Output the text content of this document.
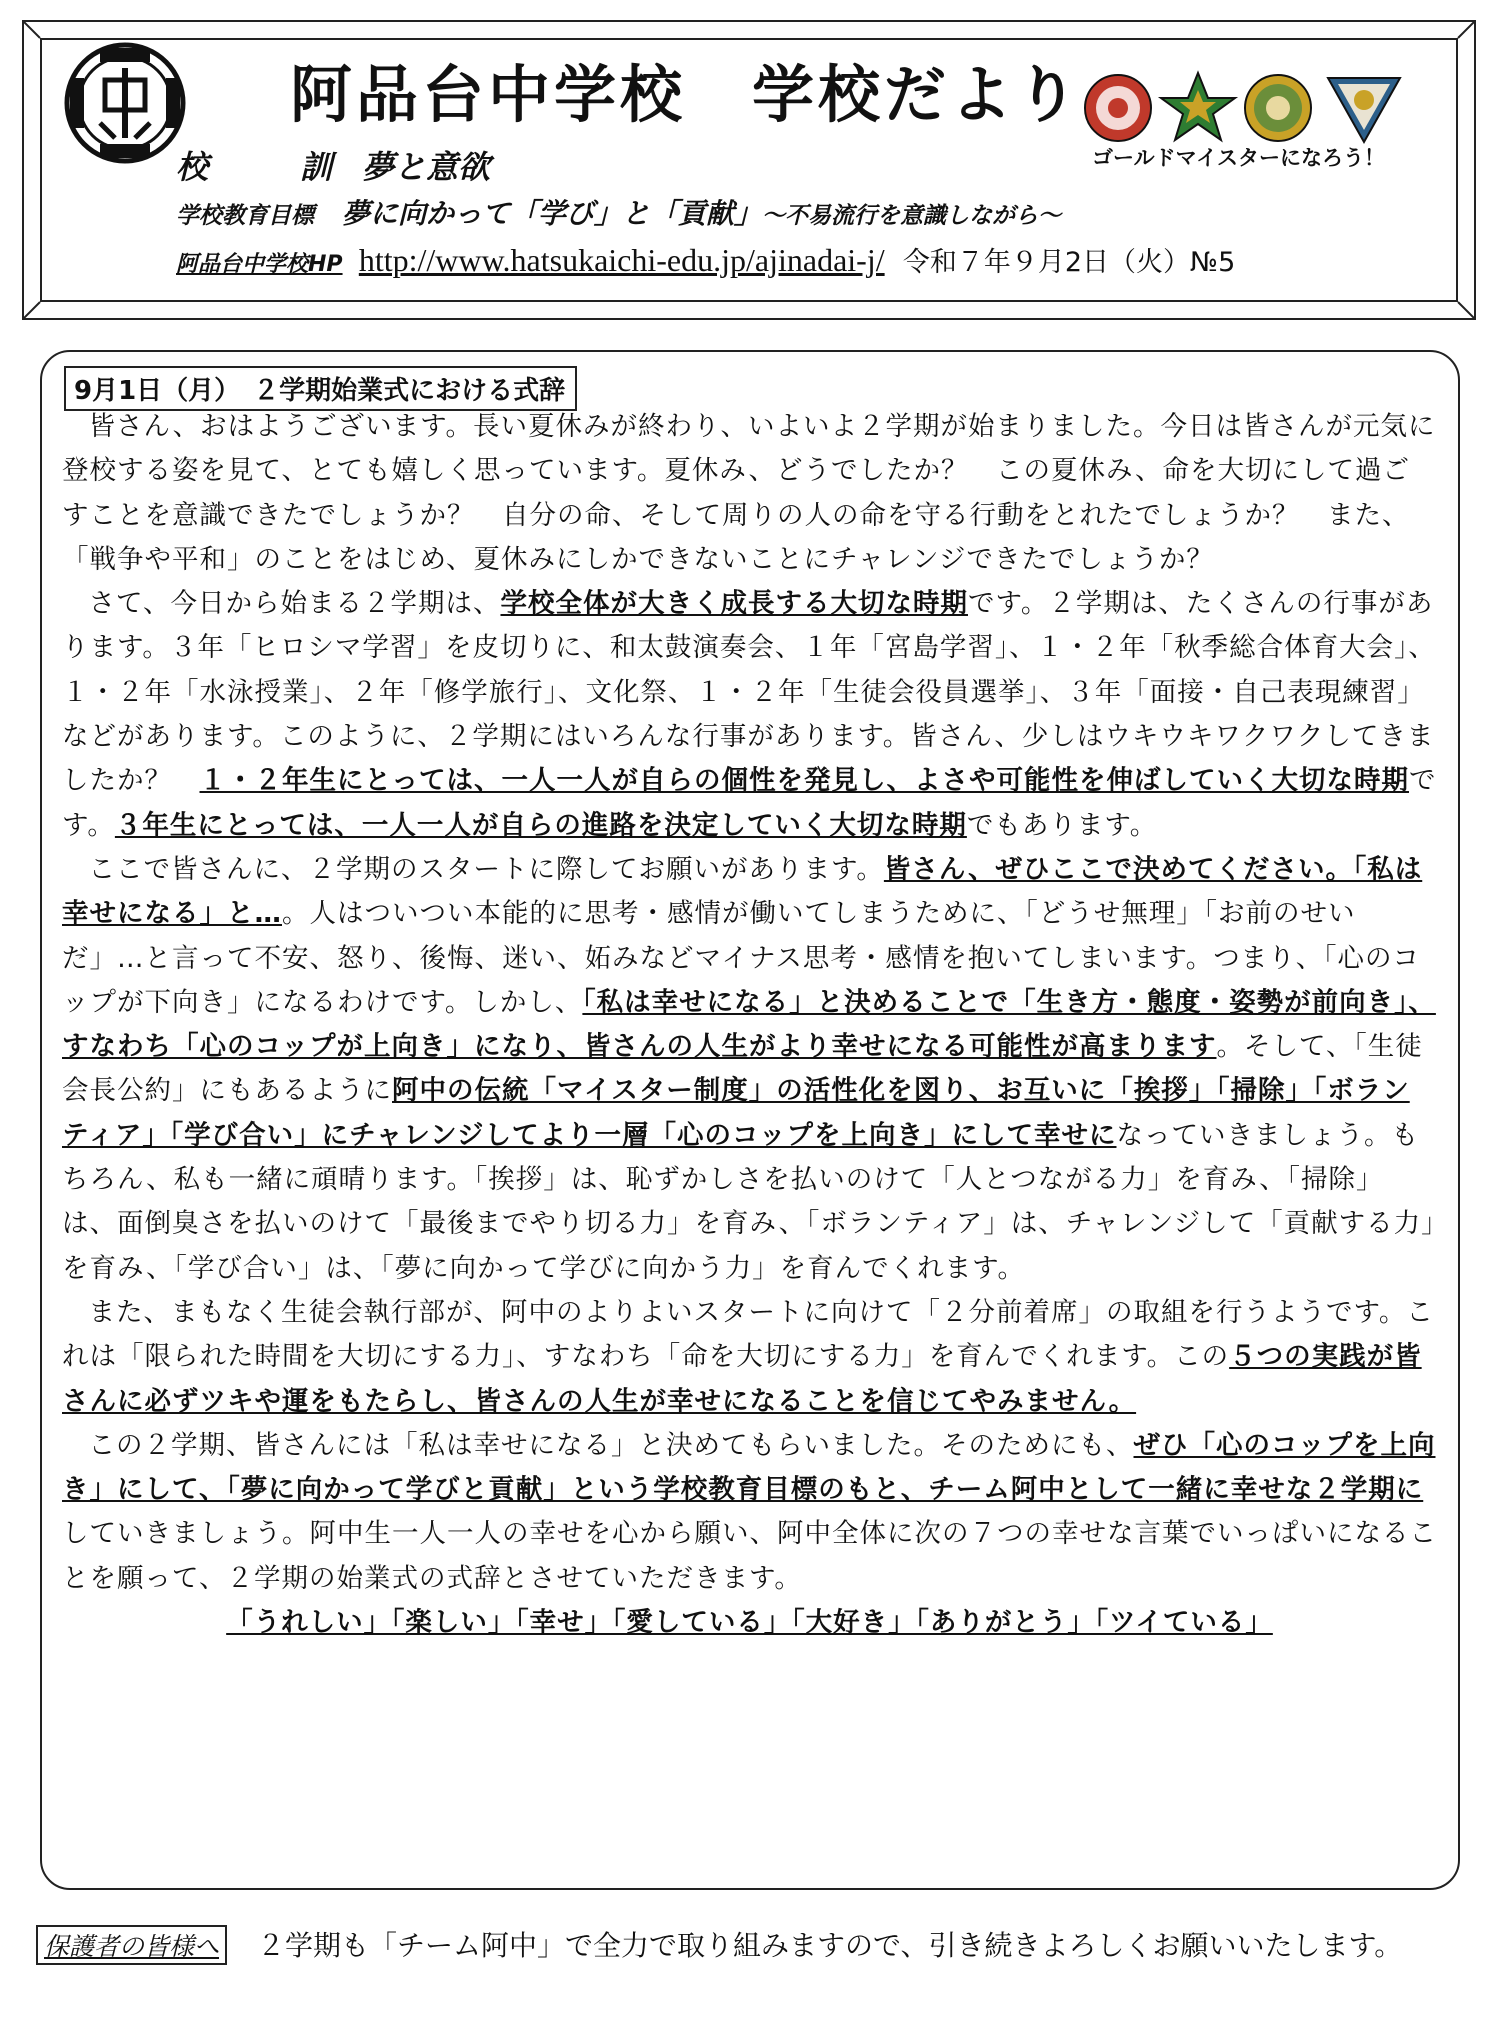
阿品台中学校　学校だより
ゴールドマイスターになろう！
校　訓夢と意欲
学校教育目標　 夢に向かって「学び」と「貢献」～不易流行を意識しながら～
阿品台中学校HP http://www.hatsukaichi-edu.jp/ajinadai-j/ 令和７年９月2日（火）№5
9月1日（月）　２学期始業式における式辞

皆さん、おはようございます。長い夏休みが終わり、いよいよ２学期が始まりました。今日は皆さんが元気に登校する姿を見て、とても嬉しく思っています。夏休み、どうでしたか？　この夏休み、命を大切にして過ごすことを意識できたでしょうか？　自分の命、そして周りの人の命を守る行動をとれたでしょうか？　また、「戦争や平和」のことをはじめ、夏休みにしかできないことにチャレンジできたでしょうか？

さて、今日から始まる２学期は、学校全体が大きく成長する大切な時期です。２学期は、たくさんの行事があります。３年「ヒロシマ学習」を皮切りに、和太鼓演奏会、１年「宮島学習」、１・２年「秋季総合体育大会」、１・２年「水泳授業」、２年「修学旅行」、文化祭、１・２年「生徒会役員選挙」、３年「面接・自己表現練習」などがあります。このように、２学期にはいろんな行事があります。皆さん、少しはウキウキワクワクしてきましたか？　１・２年生にとっては、一人一人が自らの個性を発見し、よさや可能性を伸ばしていく大切な時期です。３年生にとっては、一人一人が自らの進路を決定していく大切な時期でもあります。

ここで皆さんに、２学期のスタートに際してお願いがあります。皆さん、ぜひここで決めてください。「私は幸せになる」と…。人はついつい本能的に思考・感情が働いてしまうために、「どうせ無理」「お前のせいだ」…と言って不安、怒り、後悔、迷い、妬みなどマイナス思考・感情を抱いてしまいます。つまり、「心のコップが下向き」になるわけです。しかし、「私は幸せになる」と決めることで「生き方・態度・姿勢が前向き」、すなわち「心のコップが上向き」になり、皆さんの人生がより幸せになる可能性が高まります。そして、「生徒会長公約」にもあるように阿中の伝統「マイスター制度」の活性化を図り、お互いに「挨拶」「掃除」「ボランティア」「学び合い」にチャレンジしてより一層「心のコップを上向き」にして幸せになっていきましょう。もちろん、私も一緒に頑晴ります。「挨拶」は、恥ずかしさを払いのけて「人とつながる力」を育み、「掃除」は、面倒臭さを払いのけて「最後までやり切る力」を育み、「ボランティア」は、チャレンジして「貢献する力」を育み、「学び合い」は、「夢に向かって学びに向かう力」を育んでくれます。

また、まもなく生徒会執行部が、阿中のよりよいスタートに向けて「２分前着席」の取組を行うようです。これは「限られた時間を大切にする力」、すなわち「命を大切にする力」を育んでくれます。この５つの実践が皆さんに必ずツキや運をもたらし、皆さんの人生が幸せになることを信じてやみません。

この２学期、皆さんには「私は幸せになる」と決めてもらいました。そのためにも、ぜひ「心のコップを上向き」にして、「夢に向かって学びと貢献」という学校教育目標のもと、チーム阿中として一緒に幸せな２学期にしていきましょう。阿中生一人一人の幸せを心から願い、阿中全体に次の７つの幸せな言葉でいっぱいになることを願って、２学期の始業式の式辞とさせていただきます。

「うれしい」「楽しい」「幸せ」「愛している」「大好き」「ありがとう」「ツイている」

保護者の皆様へ ２学期も「チーム阿中」で全力で取り組みますので、引き続きよろしくお願いいたします。
